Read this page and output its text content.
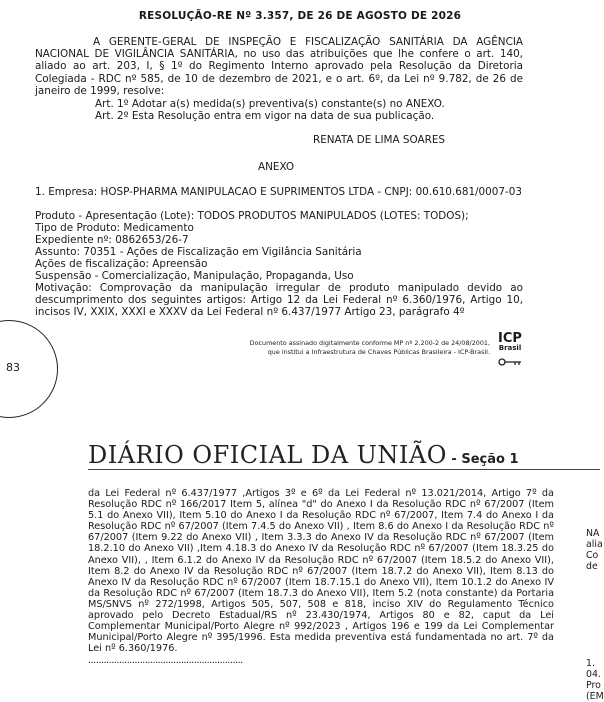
RESOLUÇÃO-RE Nº 3.357, DE 26 DE AGOSTO DE 2026
A GERENTE-GERAL DE INSPEÇÃO E FISCALIZAÇÃO SANITÁRIA DA AGÊNCIA NACIONAL DE VIGILÂNCIA SANITÁRIA, no uso das atribuições que lhe confere o art. 140, aliado ao art. 203, I, § 1º do Regimento Interno aprovado pela Resolução da Diretoria Colegiada - RDC nº 585, de 10 de dezembro de 2021, e o art. 6º, da Lei nº 9.782, de 26 de janeiro de 1999, resolve:
Art. 1º Adotar a(s) medida(s) preventiva(s) constante(s) no ANEXO.
Art. 2º Esta Resolução entra em vigor na data de sua publicação.
RENATA DE LIMA SOARES
ANEXO
1. Empresa: HOSP-PHARMA MANIPULACAO E SUPRIMENTOS LTDA - CNPJ: 00.610.681/0007-03
Produto - Apresentação (Lote): TODOS PRODUTOS MANIPULADOS (LOTES: TODOS);
Tipo de Produto: Medicamento
Expediente nº: 0862653/26-7
Assunto: 70351 - Ações de Fiscalização em Vigilância Sanitária
Ações de fiscalização: Apreensão
Suspensão - Comercialização, Manipulação, Propaganda, Uso
Motivação: Comprovação da manipulação irregular de produto manipulado devido ao descumprimento dos seguintes artigos: Artigo 12 da Lei Federal nº 6.360/1976, Artigo 10, incisos IV, XXIX, XXXI e XXXV da Lei Federal nº 6.437/1977 Artigo 23, parágrafo 4º
83
Documento assinado digitalmente conforme MP nº 2.200-2 de 24/08/2001,
que institui a Infraestrutura de Chaves Públicas Brasileira - ICP-Brasil.
ICP
Brasil
DIÁRIO OFICIAL DA UNIÃO - Seção 1
da Lei Federal nº 6.437/1977 ,Artigos 3º e 6º da Lei Federal nº 13.021/2014, Artigo 7º da Resolução RDC nº 166/2017 Item 5, alínea "d" do Anexo I da Resolução RDC nº 67/2007 (Item 5.1 do Anexo VII), Item 5.10 do Anexo I da Resolução RDC nº 67/2007, Item 7.4 do Anexo I da Resolução RDC nº 67/2007 (Item 7.4.5 do Anexo VII) , Item 8.6 do Anexo I da Resolução RDC nº 67/2007 (Item 9.22 do Anexo VII) , Item 3.3.3 do Anexo IV da Resolução RDC nº 67/2007 (Item 18.2.10 do Anexo VII) ,Item 4.18.3 do Anexo IV da Resolução RDC nº 67/2007 (Item 18.3.25 do Anexo VII), , Item 6.1.2 do Anexo IV da Resolução RDC nº 67/2007 (Item 18.5.2 do Anexo VII), Item 8.2 do Anexo IV da Resolução RDC nº 67/2007 (Item 18.7.2 do Anexo VII), Item 8.13 do Anexo IV da Resolução RDC nº 67/2007 (Item 18.7.15.1 do Anexo VII), Item 10.1.2 do Anexo IV da Resolução RDC nº 67/2007 (Item 18.7.3 do Anexo VII), Item 5.2 (nota constante) da Portaria MS/SNVS nº 272/1998, Artigos 505, 507, 508 e 818, inciso XIV do Regulamento Técnico aprovado pelo Decreto Estadual/RS nº 23.430/1974, Artigos 80 e 82, caput da Lei Complementar Municipal/Porto Alegre nº 992/2023 , Artigos 196 e 199 da Lei Complementar Municipal/Porto Alegre nº 395/1996. Esta medida preventiva está fundamentada no art. 7º da Lei nº 6.360/1976.
............................................................
NA
alia
Co
de
1.
04.
Pro
(EM
